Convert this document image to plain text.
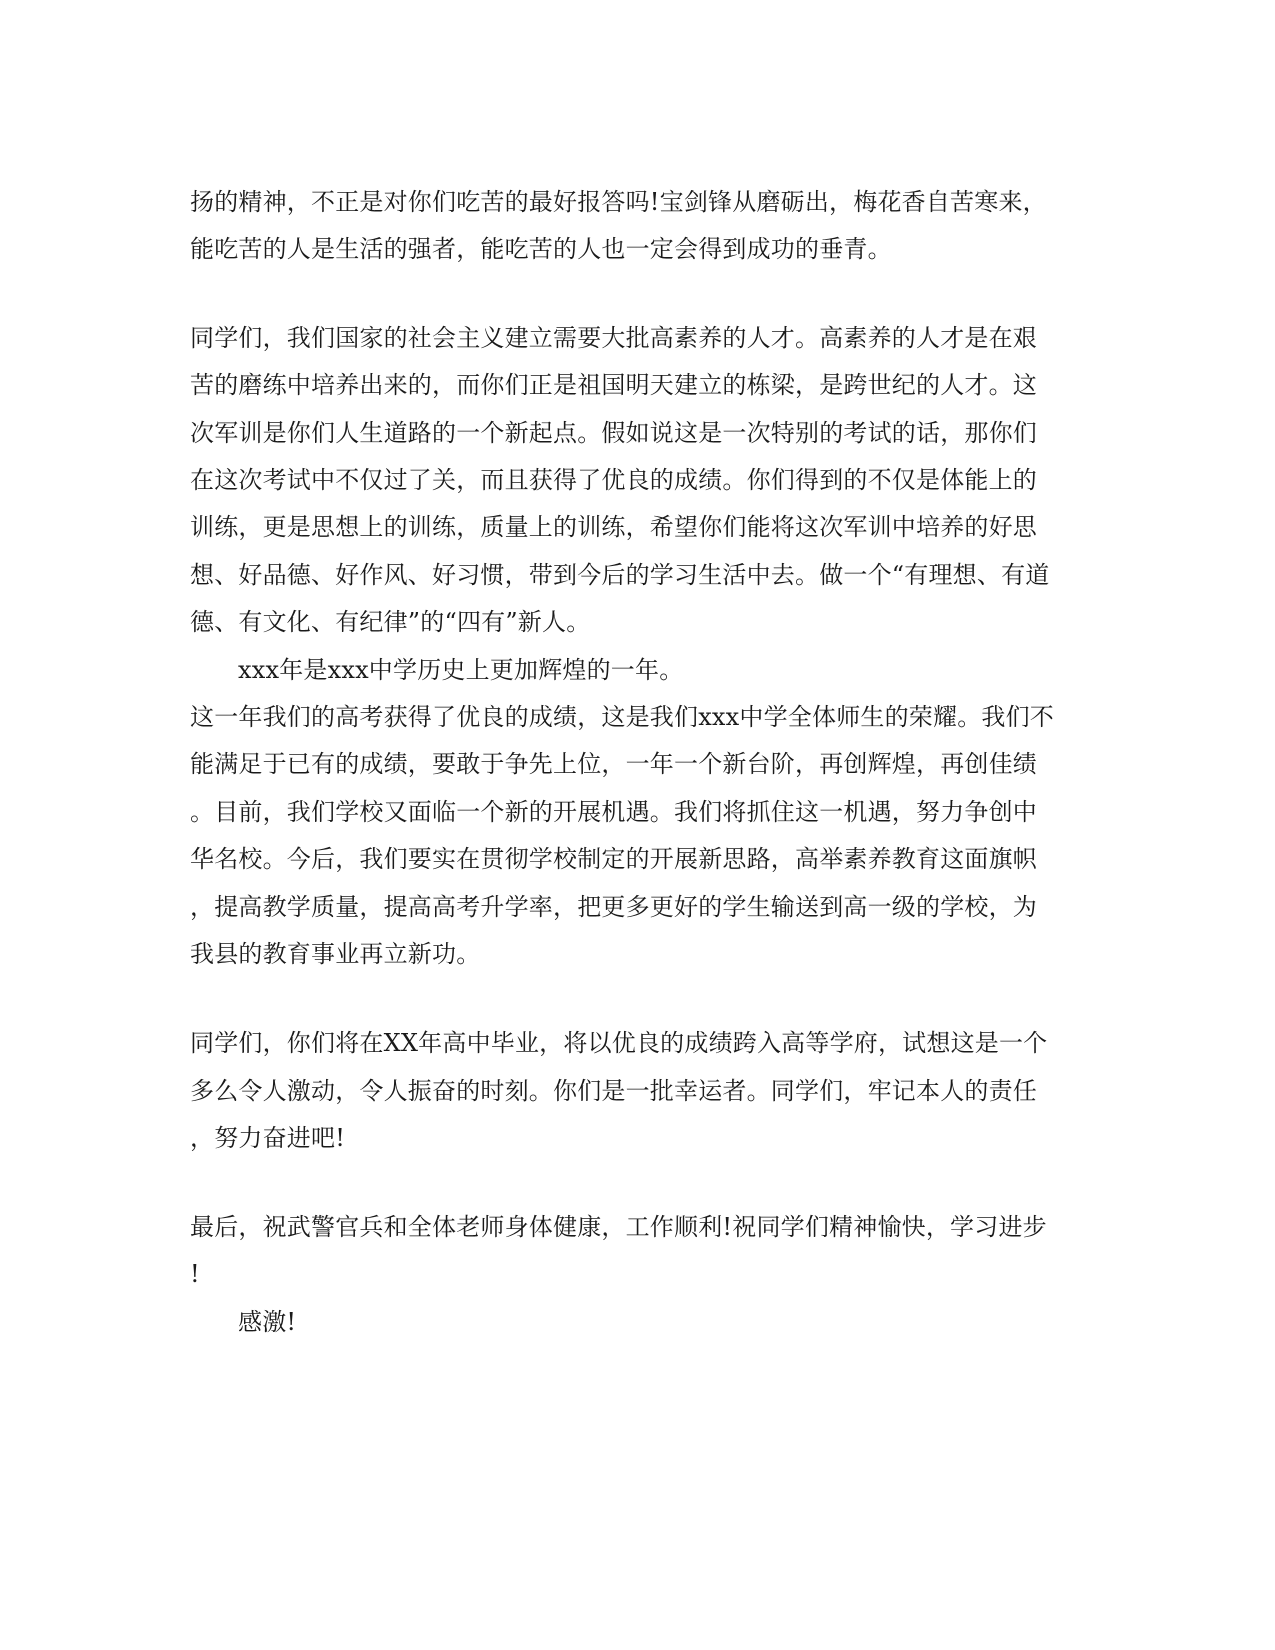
扬的精神，不正是对你们吃苦的最好报答吗!宝剑锋从磨砺出，梅花香自苦寒来，
能吃苦的人是生活的强者，能吃苦的人也一定会得到成功的垂青。
同学们，我们国家的社会主义建立需要大批高素养的人才。高素养的人才是在艰
苦的磨练中培养出来的，而你们正是祖国明天建立的栋梁，是跨世纪的人才。这
次军训是你们人生道路的一个新起点。假如说这是一次特别的考试的话，那你们
在这次考试中不仅过了关，而且获得了优良的成绩。你们得到的不仅是体能上的
训练，更是思想上的训练，质量上的训练，希望你们能将这次军训中培养的好思
想、好品德、好作风、好习惯，带到今后的学习生活中去。做一个“有理想、有道
德、有文化、有纪律”的“四有”新人。
xxx年是xxx中学历史上更加辉煌的一年。
这一年我们的高考获得了优良的成绩，这是我们xxx中学全体师生的荣耀。我们不
能满足于已有的成绩，要敢于争先上位，一年一个新台阶，再创辉煌，再创佳绩
。目前，我们学校又面临一个新的开展机遇。我们将抓住这一机遇，努力争创中
华名校。今后，我们要实在贯彻学校制定的开展新思路，高举素养教育这面旗帜
，提高教学质量，提高高考升学率，把更多更好的学生输送到高一级的学校，为
我县的教育事业再立新功。
同学们，你们将在XX年高中毕业，将以优良的成绩跨入高等学府，试想这是一个
多么令人激动，令人振奋的时刻。你们是一批幸运者。同学们，牢记本人的责任
，努力奋进吧!
最后，祝武警官兵和全体老师身体健康，工作顺利!祝同学们精神愉快，学习进步
!
感激!
